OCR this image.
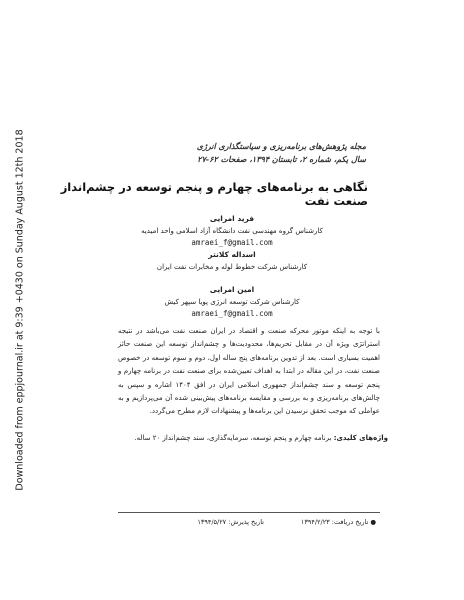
Downloaded from eppjournal.ir at 9:39 +0430 on Sunday August 12th 2018	مجله پژوهش‌های برنامه‌ریزی و سیاستگذاری انرژی
سال یکم، شماره ۲، تابستان ۱۳۹۴، صفحات ۶۲-۲۷
نگاهی به برنامه‌های چهارم و پنجم توسعه در چشم‌انداز صنعت نفت
فرید امرایی
کارشناس گروه مهندسی نفت دانشگاه آزاد اسلامی واحد امیدیه
amraei_f@gmail.com
اسداله کلانتر
کارشناس شرکت خطوط لوله و مخابرات نفت ایران
امین امرایی
کارشناس شرکت توسعه انرژی پویا سپهر کیش
amraei_f@gmail.com
با توجه به اینکه موتور محرکه صنعت و اقتصاد در ایران صنعت نفت می‌باشد در نتیجه استراتژی ویژه آن در مقابل تحریم‌ها، محدودیت‌ها و چشم‌انداز توسعه این صنعت حائز اهمیت بسیاری است. بعد از تدوین برنامه‌های پنج ساله اول، دوم و سوم توسعه در خصوص صنعت نفت، در این مقاله در ابتدا به اهداف تعیین‌شده برای صنعت نفت در برنامه چهارم و پنجم توسعه و سند چشم‌انداز جمهوری اسلامی ایران در افق ۱۴۰۴ اشاره و سپس به چالش‌های برنامه‌ریزی و به بررسی و مقایسه برنامه‌های پیش‌بینی شده آن می‌پردازیم و به عواملی که موجب تحقق نرسیدن این برنامه‌ها و پیشنهادات لازم مطرح می‌گردد.
واژه‌های کلیدی: برنامه چهارم و پنجم توسعه، سرمایه‌گذاری، سند چشم‌انداز ۲۰ ساله.
● تاریخ دریافت: ۱۳۹۴/۲/۲۳
تاریخ پذیرش: ۱۳۹۴/۵/۲۷
